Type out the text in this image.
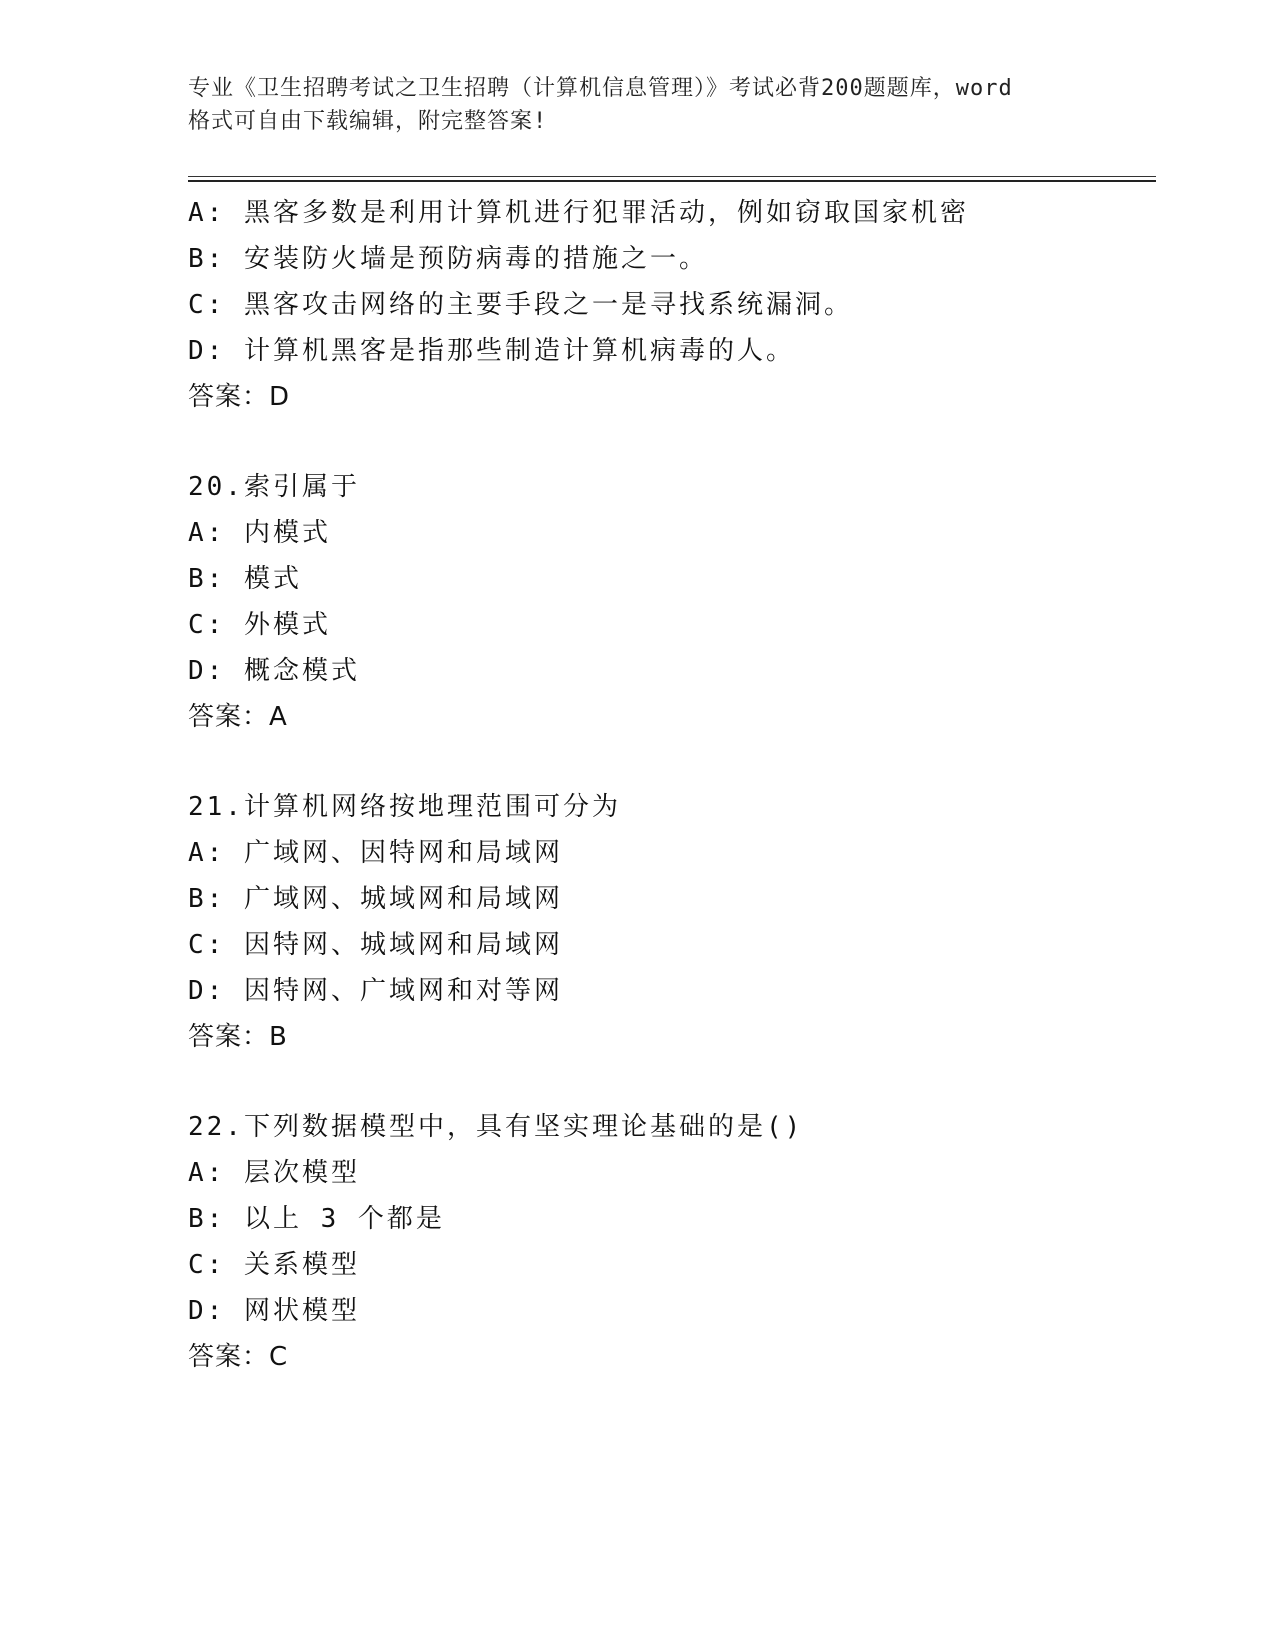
专业《卫生招聘考试之卫生招聘（计算机信息管理）》考试必背200题题库，word
格式可自由下载编辑，附完整答案!
A: 黑客多数是利用计算机进行犯罪活动，例如窃取国家机密
B: 安装防火墙是预防病毒的措施之一。
C: 黑客攻击网络的主要手段之一是寻找系统漏洞。
D: 计算机黑客是指那些制造计算机病毒的人。
答案：D
20.索引属于
A: 内模式
B: 模式
C: 外模式
D: 概念模式
答案：A
21.计算机网络按地理范围可分为
A: 广域网、因特网和局域网
B: 广域网、城域网和局域网
C: 因特网、城域网和局域网
D: 因特网、广域网和对等网
答案：B
22.下列数据模型中，具有坚实理论基础的是()
A: 层次模型
B: 以上 3 个都是
C: 关系模型
D: 网状模型
答案：C
